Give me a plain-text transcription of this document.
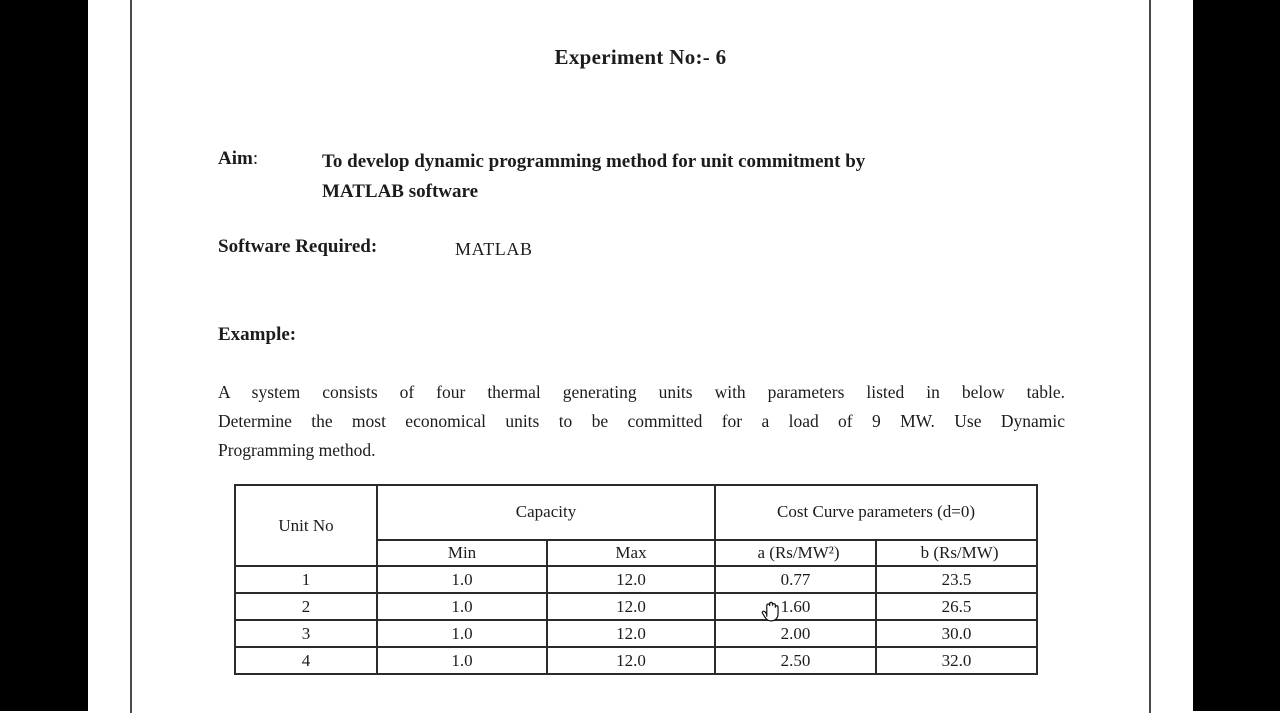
Experiment No:- 6
Aim:	To develop dynamic programming method for unit commitment by
MATLAB software
Software Required:	MATLAB
Example:
A system consists of four thermal generating units with parameters listed in below table.
Determine the most economical units to be committed for a load of 9 MW. Use Dynamic
Programming method.
Unit No	Capacity		Cost Curve parameters (d=0)	
	Min	Max	a (Rs/MW²)	b (Rs/MW)
1	1.0	12.0	0.77	23.5
2	1.0	12.0	1.60	26.5
3	1.0	12.0	2.00	30.0
4	1.0	12.0	2.50	32.0
